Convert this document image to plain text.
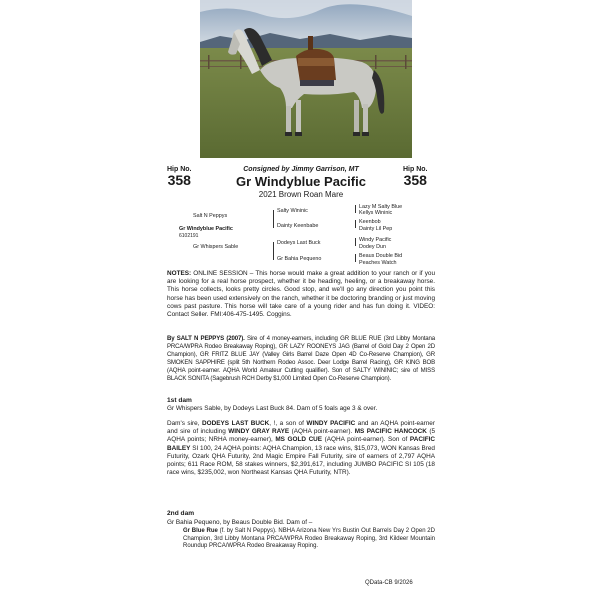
Consigned by Jimmy Garrison, MT
Hip No.
358
Hip No.
358
Gr Windyblue Pacific
2021 Brown Roan Mare
Salt N Peppys
Gr Windyblue Pacific
6102191
Gr Whispers Sable
Salty Wininic
Dainty Keenbabe
Dodeys Last Buck
Gr Bahia Pequeno
Lazy M Salty Blue
Kellys Wininic
Keenbob
Dainty Lil Pep
Windy Pacific
Dodey Dun
Beaus Double Bid
Peaches Watch
NOTES: ONLINE SESSION – This horse would make a great addition to your ranch or if you are looking for a real horse prospect, whether it be heading, heeling, or a breakaway horse. This horse collects, looks pretty circles. Good stop, and we'll go any direction you point this horse has been used extensively on the ranch, whether it be doctoring branding or just moving cows past pasture. This horse will take care of a young rider and has fun doing it. VIDEO: Contact Seller. FMI:406-475-1495. Coggins.
By SALT N PEPPYS (2007). Sire of 4 money-earners, including GR BLUE RUE (3rd Libby Montana PRCA/WPRA Rodeo Breakaway Roping), GR LAZY ROONEYS JAG (Barrel of Gold Day 2 Open 2D Champion), GR FRITZ BLUE JAY (Valley Girls Barrel Daze Open 4D Co-Reserve Champion), GR SMOKEN SAPPHIRE (split 5th Northern Rodeo Assoc. Deer Lodge Barrel Racing), GR KING BOB (AQHA point-earner. AQHA World Amateur Cutting qualifier). Son of SALTY WININIC; sire of MISS BLACK SONITA (Sagebrush RCH Derby $1,000 Limited Open Co-Reserve Champion).
1st dam
Gr Whispers Sable, by Dodeys Last Buck 84. Dam of 5 foals age 3 & over.
Dam's sire, DODEYS LAST BUCK, !, a son of WINDY PACIFIC and an AQHA point-earner and sire of including WINDY GRAY RAYE (AQHA point-earner). MS PACIFIC HANCOCK (5 AQHA points; NRHA money-earner), MS GOLD CUE (AQHA point-earner). Son of PACIFIC BAILEY SI 100, 24 AQHA points: AQHA Champion, 13 race wins, $15,073, WON Kansas Bred Futurity, Ozark QHA Futurity, 2nd Magic Empire Fall Futurity, sire of earners of 2,797 AQHA points; 611 Race ROM, 58 stakes winners, $2,391,617, including JUMBO PACIFIC SI 105 (18 race wins, $235,002, won Northeast Kansas QHA Futurity, NTR).
2nd dam
Gr Bahia Pequeno, by Beaus Double Bid. Dam of –
Gr Blue Rue (f. by Salt N Peppys). NBHA Arizona New Yrs Bustin Out Barrels Day 2 Open 2D Champion, 3rd Libby Montana PRCA/WPRA Rodeo Breakaway Roping, 3rd Kildeer Mountain Roundup PRCA/WPRA Rodeo Breakaway Roping.
QData-CB 9/2026
